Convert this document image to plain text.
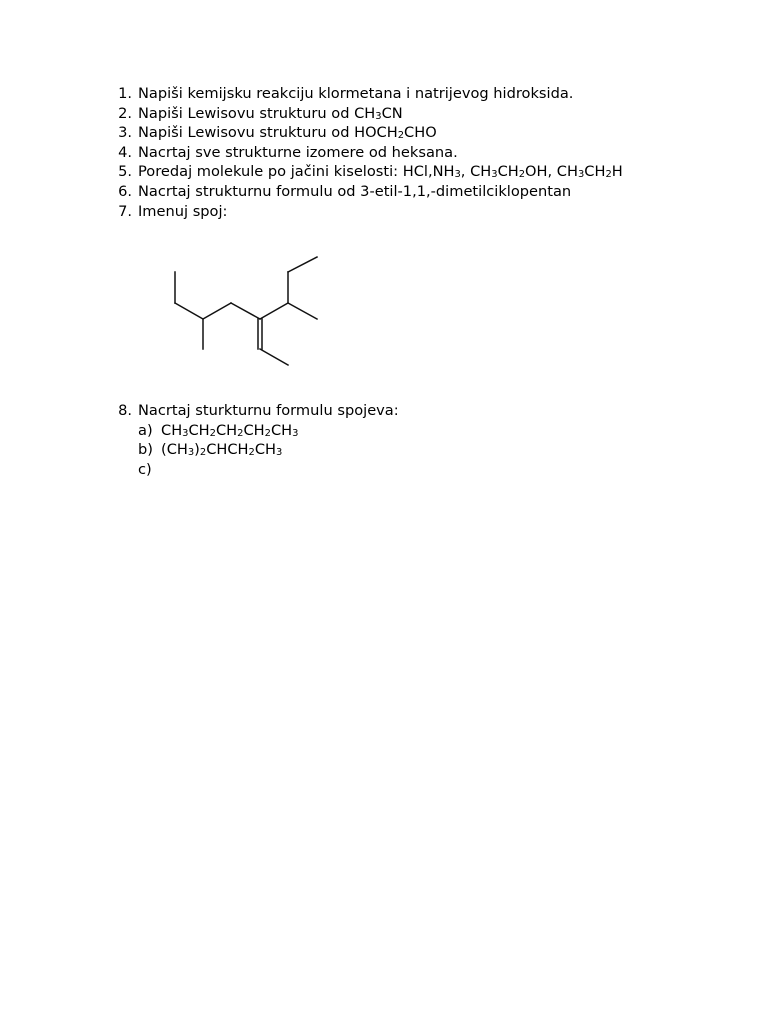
1. Napiši kemijsku reakciju klormetana i natrijevog hidroksida.
2. Napiši Lewisovu strukturu od $CH_3CN$
3. Napiši Lewisovu strukturu od $HOCH_2CHO$
4. Nacrtaj sve strukturne izomere od heksana.
5. Poredaj molekule po jačini kiselosti: $HCl,NH_3$, $CH_3CH_2OH$, $CH_3CH_2H$
6. Nacrtaj strukturnu formulu od 3-etil-1,1,-dimetilciklopentan
7. Imenuj spoj:
8. Nacrtaj sturkturnu formulu spojeva:
a) $CH_3CH_2CH_2CH_2CH_3$
b) $(CH_3)_2CHCH_2CH_3$
c)
